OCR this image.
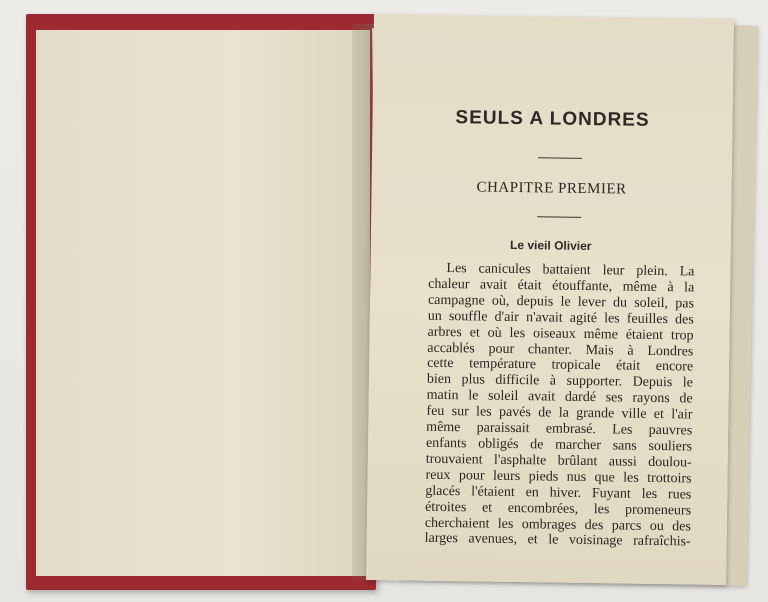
SEULS A LONDRES
CHAPITRE PREMIER
Le vieil Olivier
Les canicules battaient leur plein. La
chaleur avait était étouffante, même à la
campagne où, depuis le lever du soleil, pas
un souffle d'air n'avait agité les feuilles des
arbres et où les oiseaux même étaient trop
accablés pour chanter. Mais à Londres
cette température tropicale était encore
bien plus difficile à supporter. Depuis le
matin le soleil avait dardé ses rayons de
feu sur les pavés de la grande ville et l'air
même paraissait embrasé. Les pauvres
enfants obligés de marcher sans souliers
trouvaient l'asphalte brûlant aussi doulou-
reux pour leurs pieds nus que les trottoirs
glacés l'étaient en hiver. Fuyant les rues
étroites et encombrées, les promeneurs
cherchaient les ombrages des parcs ou des
larges avenues, et le voisinage rafraîchis-
